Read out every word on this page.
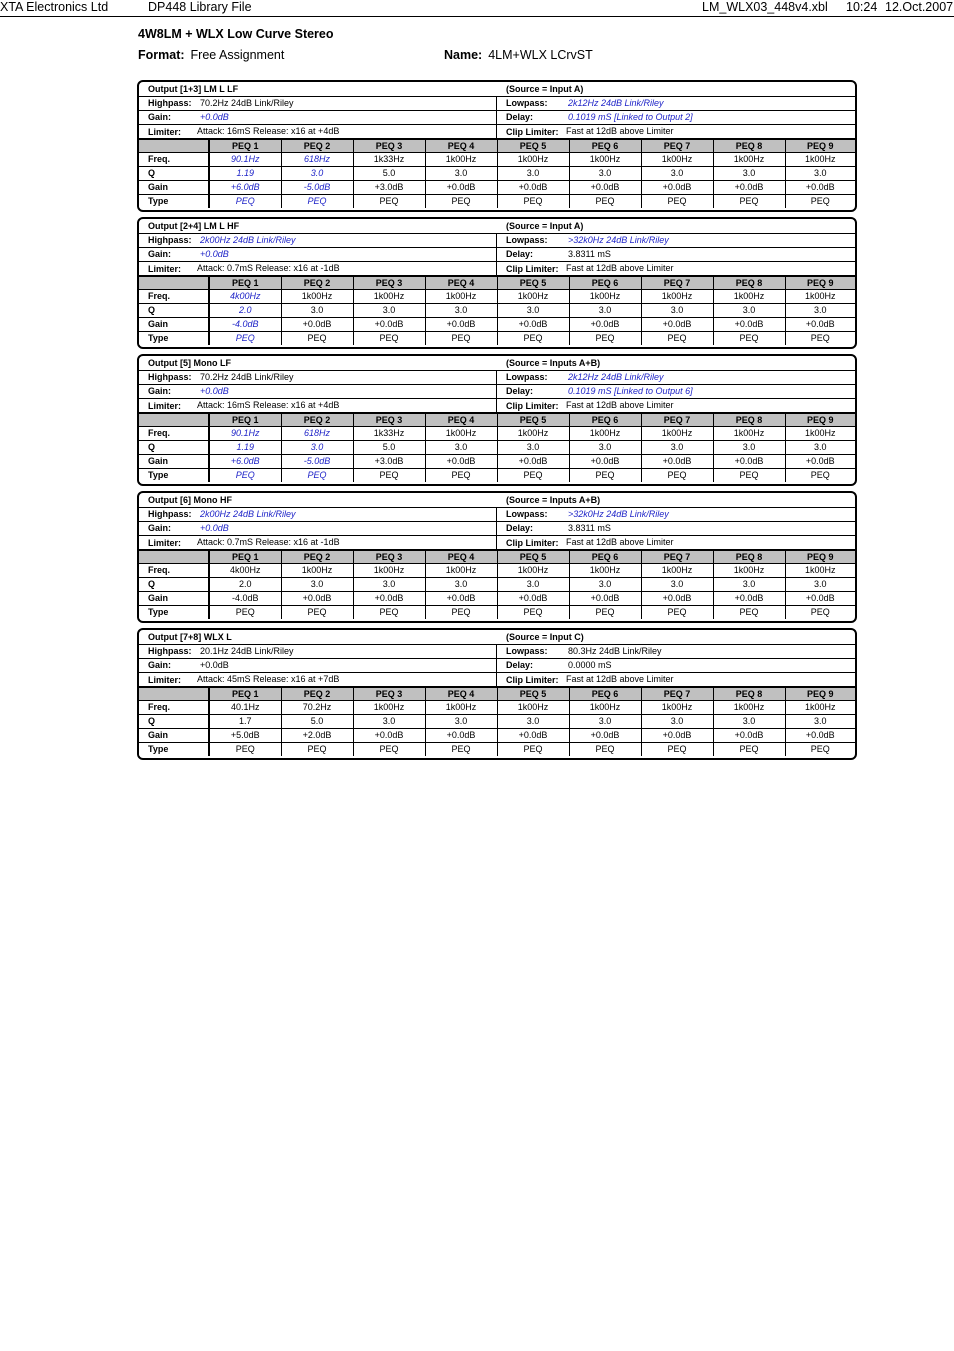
XTA Electronics Ltd	DP448 Library File	LM_WLX03_448v4.xbl 10:24 12.Oct.2007
4W8LM + WLX Low Curve Stereo
Format: Free Assignment	Name: 4LM+WLX LCrvST
Output [1+3] LM L LF	(Source = Input A)
Highpass: 70.2Hz 24dB Link/Riley	Lowpass: 2k12Hz 24dB Link/Riley
Gain:	+0.0dB	Delay:	0.1019 mS [Linked to Output 2]
Limiter: Attack: 16mS Release: x16 at +4dB	Clip Limiter: Fast at 12dB above Limiter
	PEQ 1	PEQ 2	PEQ 3	PEQ 4	PEQ 5	PEQ 6	PEQ 7	PEQ 8	PEQ 9
Freq.	90.1Hz	618Hz	1k33Hz	1k00Hz	1k00Hz	1k00Hz	1k00Hz	1k00Hz	1k00Hz
Q	1.19	3.0	5.0	3.0	3.0	3.0	3.0	3.0	3.0
Gain	+6.0dB	-5.0dB	+3.0dB	+0.0dB	+0.0dB	+0.0dB	+0.0dB	+0.0dB	+0.0dB
Type	PEQ	PEQ	PEQ	PEQ	PEQ	PEQ	PEQ	PEQ	PEQ
Output [2+4] LM L HF	(Source = Input A)
Highpass: 2k00Hz 24dB Link/Riley	Lowpass: >32k0Hz 24dB Link/Riley
Gain:	+0.0dB	Delay:	3.8311 mS
Limiter: Attack: 0.7mS Release: x16 at -1dB	Clip Limiter: Fast at 12dB above Limiter
	PEQ 1	PEQ 2	PEQ 3	PEQ 4	PEQ 5	PEQ 6	PEQ 7	PEQ 8	PEQ 9
Freq.	4k00Hz	1k00Hz	1k00Hz	1k00Hz	1k00Hz	1k00Hz	1k00Hz	1k00Hz	1k00Hz
Q	2.0	3.0	3.0	3.0	3.0	3.0	3.0	3.0	3.0
Gain	-4.0dB	+0.0dB	+0.0dB	+0.0dB	+0.0dB	+0.0dB	+0.0dB	+0.0dB	+0.0dB
Type	PEQ	PEQ	PEQ	PEQ	PEQ	PEQ	PEQ	PEQ	PEQ
Output [5] Mono LF	(Source = Inputs A+B)
Highpass: 70.2Hz 24dB Link/Riley	Lowpass: 2k12Hz 24dB Link/Riley
Gain:	+0.0dB	Delay:	0.1019 mS [Linked to Output 6]
Limiter: Attack: 16mS Release: x16 at +4dB	Clip Limiter: Fast at 12dB above Limiter
	PEQ 1	PEQ 2	PEQ 3	PEQ 4	PEQ 5	PEQ 6	PEQ 7	PEQ 8	PEQ 9
Freq.	90.1Hz	618Hz	1k33Hz	1k00Hz	1k00Hz	1k00Hz	1k00Hz	1k00Hz	1k00Hz
Q	1.19	3.0	5.0	3.0	3.0	3.0	3.0	3.0	3.0
Gain	+6.0dB	-5.0dB	+3.0dB	+0.0dB	+0.0dB	+0.0dB	+0.0dB	+0.0dB	+0.0dB
Type	PEQ	PEQ	PEQ	PEQ	PEQ	PEQ	PEQ	PEQ	PEQ
Output [6] Mono HF	(Source = Inputs A+B)
Highpass: 2k00Hz 24dB Link/Riley	Lowpass: >32k0Hz 24dB Link/Riley
Gain:	+0.0dB	Delay:	3.8311 mS
Limiter: Attack: 0.7mS Release: x16 at -1dB	Clip Limiter: Fast at 12dB above Limiter
	PEQ 1	PEQ 2	PEQ 3	PEQ 4	PEQ 5	PEQ 6	PEQ 7	PEQ 8	PEQ 9
Freq.	4k00Hz	1k00Hz	1k00Hz	1k00Hz	1k00Hz	1k00Hz	1k00Hz	1k00Hz	1k00Hz
Q	2.0	3.0	3.0	3.0	3.0	3.0	3.0	3.0	3.0
Gain	-4.0dB	+0.0dB	+0.0dB	+0.0dB	+0.0dB	+0.0dB	+0.0dB	+0.0dB	+0.0dB
Type	PEQ	PEQ	PEQ	PEQ	PEQ	PEQ	PEQ	PEQ	PEQ
Output [7+8] WLX L	(Source = Input C)
Highpass: 20.1Hz 24dB Link/Riley	Lowpass: 80.3Hz 24dB Link/Riley
Gain:	+0.0dB	Delay:	0.0000 mS
Limiter: Attack: 45mS Release: x16 at +7dB	Clip Limiter: Fast at 12dB above Limiter
	PEQ 1	PEQ 2	PEQ 3	PEQ 4	PEQ 5	PEQ 6	PEQ 7	PEQ 8	PEQ 9
Freq.	40.1Hz	70.2Hz	1k00Hz	1k00Hz	1k00Hz	1k00Hz	1k00Hz	1k00Hz	1k00Hz
Q	1.7	5.0	3.0	3.0	3.0	3.0	3.0	3.0	3.0
Gain	+5.0dB	+2.0dB	+0.0dB	+0.0dB	+0.0dB	+0.0dB	+0.0dB	+0.0dB	+0.0dB
Type	PEQ	PEQ	PEQ	PEQ	PEQ	PEQ	PEQ	PEQ	PEQ
